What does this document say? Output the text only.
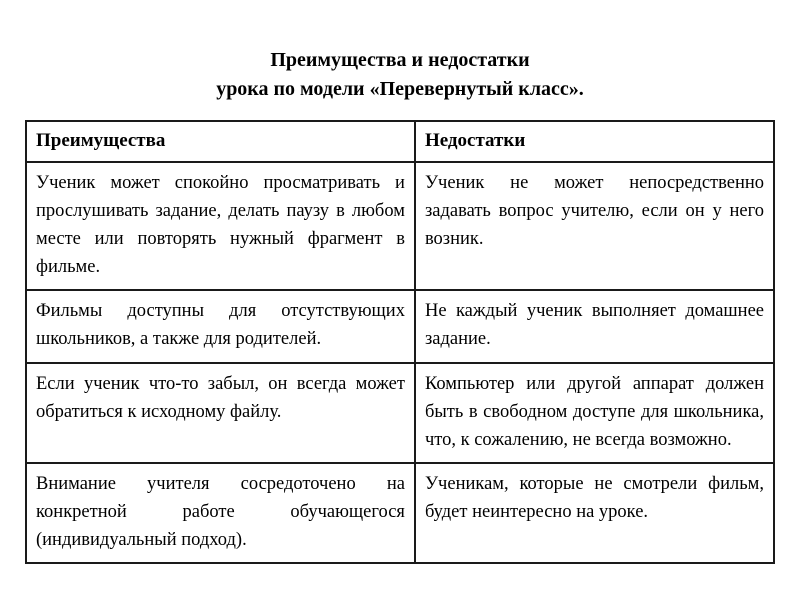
Преимущества и недостатки
урока по модели «Перевернутый класс».
Преимущества	Недостатки
Ученик может спокойно просматривать и прослушивать задание, делать паузу в любом месте или повторять нужный фрагмент в фильме.	Ученик не может непосредственно задавать вопрос учителю, если он у него возник.
Фильмы доступны для отсутствующих школьников, а также для родителей.	Не каждый ученик выполняет домашнее задание.
Если ученик что-то забыл, он всегда может обратиться к исходному файлу.	Компьютер или другой аппарат должен быть в свободном доступе для школьника, что, к сожалению, не всегда возможно.
Внимание учителя сосредоточено на конкретной работе обучающегося (индивидуальный подход).	Ученикам, которые не смотрели фильм, будет неинтересно на уроке.
